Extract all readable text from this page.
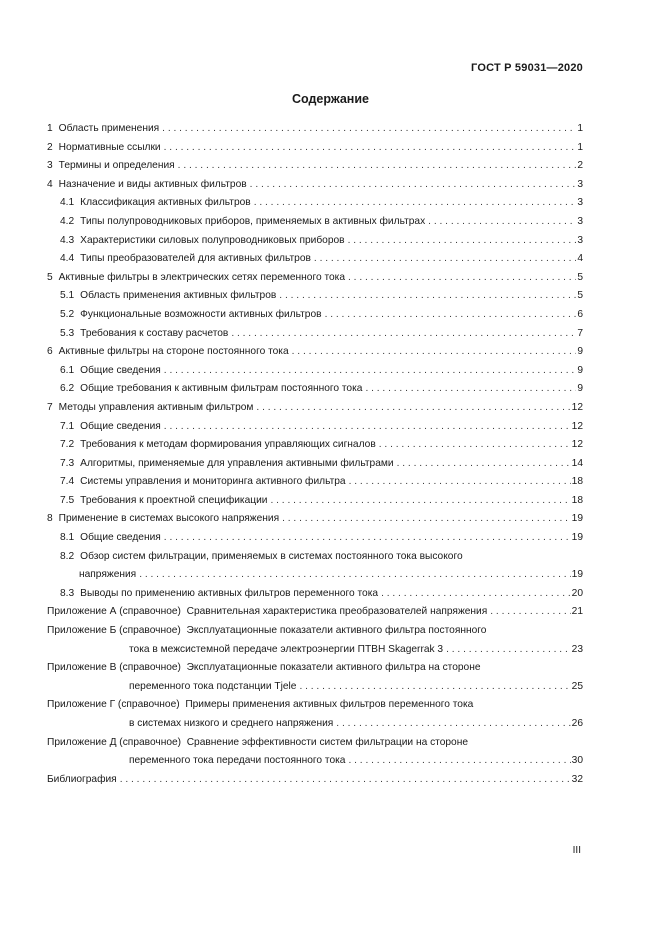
ГОСТ Р 59031—2020
Содержание
1 Область применения . . .	1
2 Нормативные ссылки . . .	1
3 Термины и определения . . .	2
4 Назначение и виды активных фильтров . . .	3
4.1 Классификация активных фильтров . . .	3
4.2 Типы полупроводниковых приборов, применяемых в активных фильтрах . . .	3
4.3 Характеристики силовых полупроводниковых приборов . . .	3
4.4 Типы преобразователей для активных фильтров . . .	4
5 Активные фильтры в электрических сетях переменного тока . . .	5
5.1 Область применения активных фильтров . . .	5
5.2 Функциональные возможности активных фильтров . . .	6
5.3 Требования к составу расчетов . . .	7
6 Активные фильтры на стороне постоянного тока . . .	9
6.1 Общие сведения . . .	9
6.2 Общие требования к активным фильтрам постоянного тока . . .	9
7 Методы управления активным фильтром . . .	12
7.1 Общие сведения . . .	12
7.2 Требования к методам формирования управляющих сигналов . . .	12
7.3 Алгоритмы, применяемые для управления активными фильтрами . . .	14
7.4 Системы управления и мониторинга активного фильтра . . .	18
7.5 Требования к проектной спецификации . . .	18
8 Применение в системах высокого напряжения . . .	19
8.1 Общие сведения . . .	19
8.2 Обзор систем фильтрации, применяемых в системах постоянного тока высокого
напряжения . . .	19
8.3 Выводы по применению активных фильтров переменного тока . . .	20
Приложение А (справочное)  Сравнительная характеристика преобразователей напряжения . . .	21
Приложение Б (справочное)  Эксплуатационные показатели активного фильтра постоянного
тока в межсистемной передаче электроэнергии ПТВН Skagerrak 3 . . .	23
Приложение В (справочное)  Эксплуатационные показатели активного фильтра на стороне
переменного тока подстанции Tjele . . .	25
Приложение Г (справочное)  Примеры применения активных фильтров переменного тока
в системах низкого и среднего напряжения . . .	26
Приложение Д (справочное)  Сравнение эффективности систем фильтрации на стороне
переменного тока передачи постоянного тока . . .	30
Библиография . . .	32
III
